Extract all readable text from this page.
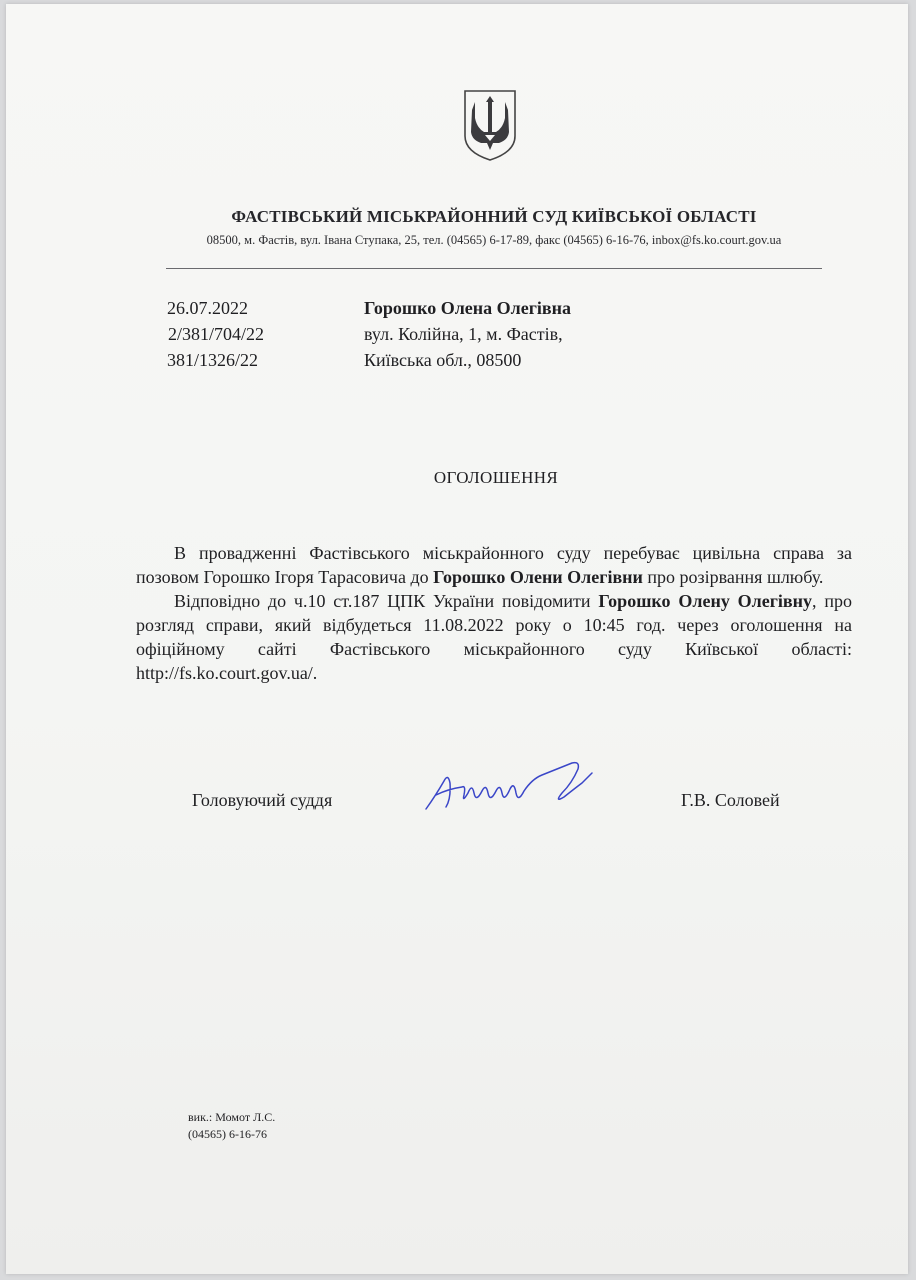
ФАСТІВСЬКИЙ МІСЬКРАЙОННИЙ СУД КИЇВСЬКОЇ ОБЛАСТІ
08500, м. Фастів, вул. Івана Ступака, 25, тел. (04565) 6-17-89, факс (04565) 6-16-76, inbox@fs.ko.court.gov.ua
26.07.2022
2/381/704/22
381/1326/22
Горошко Олена Олегівна
вул. Колійна, 1, м. Фастів,
Київська обл., 08500
ОГОЛОШЕННЯ

В провадженні Фастівського міськрайонного суду перебуває цивільна справа за позовом Горошко Ігоря Тарасовича до Горошко Олени Олегівни про розірвання шлюбу.

Відповідно до ч.10 ст.187 ЦПК України повідомити Горошко Олену Олегівну, про розгляд справи, який відбудеться 11.08.2022 року о 10:45 год. через оголошення на офіційному сайті Фастівського міськрайонного суду Київської області: http://fs.ko.court.gov.ua/.

Головуючий суддя	Г.В. Соловей
вик.: Момот Л.С.
(04565) 6-16-76
